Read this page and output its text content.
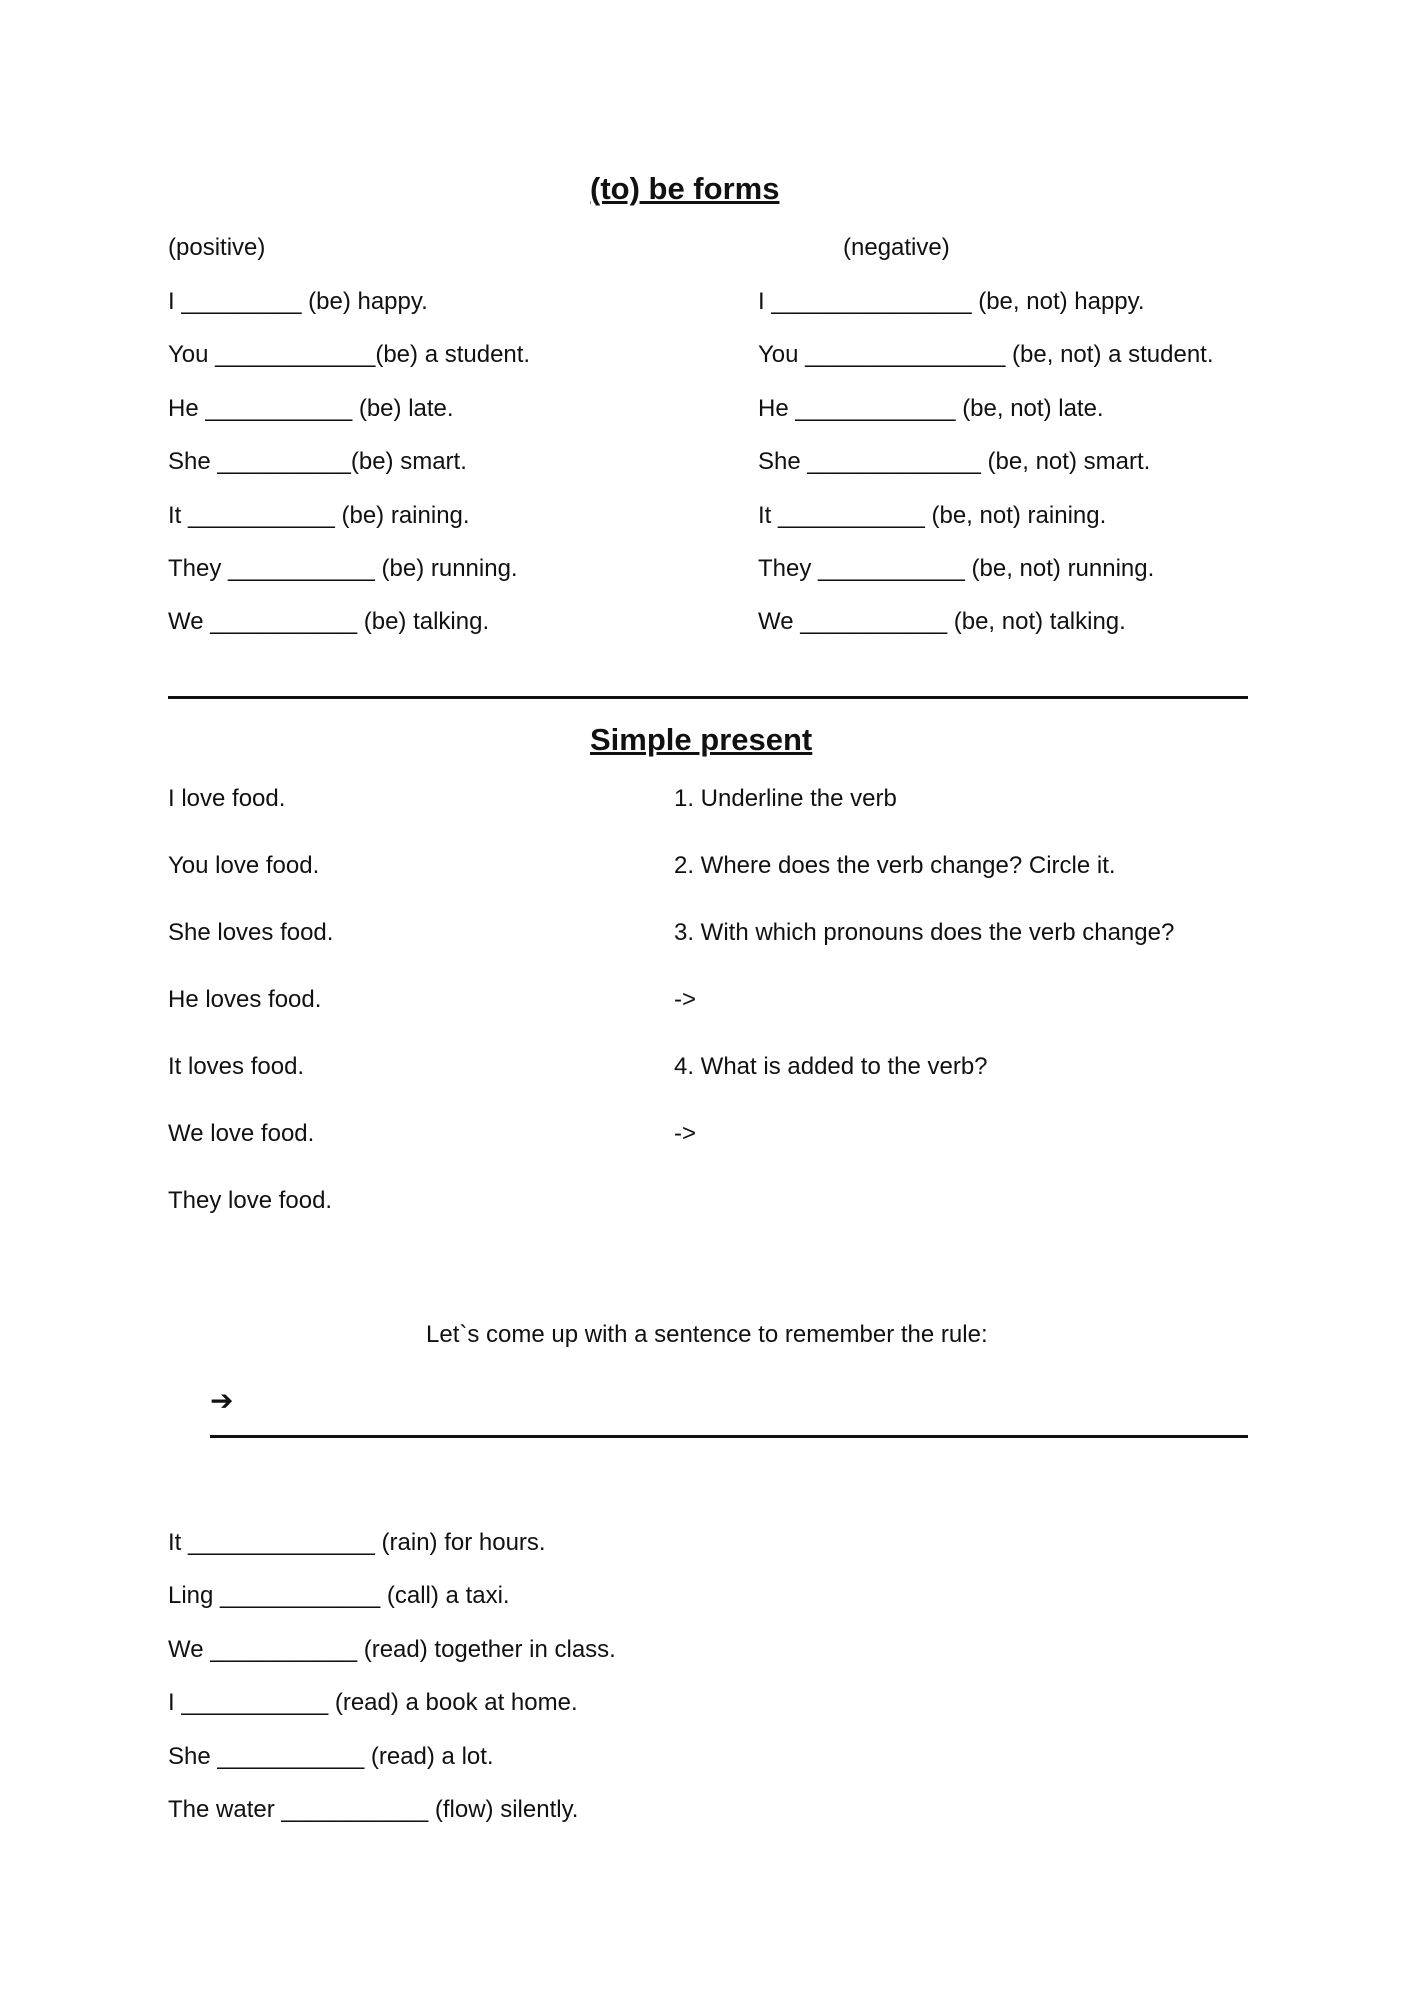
(to) be forms
(positive)	(negative)
I _________ (be) happy.
You ____________(be) a student.
He ___________ (be) late.
She __________(be) smart.
It ___________ (be) raining.
They ___________ (be) running.
We ___________ (be) talking.
I _______________ (be, not) happy.
You _______________ (be, not) a student.
He ____________ (be, not) late.
She _____________ (be, not) smart.
It ___________ (be, not) raining.
They ___________ (be, not) running.
We ___________ (be, not) talking.
Simple present
I love food.
You love food.
She loves food.
He loves food.
It loves food.
We love food.
They love food.
1. Underline the verb
2. Where does the verb change? Circle it.
3. With which pronouns does the verb change?
->
4. What is added to the verb?
->
Let`s come up with a sentence to remember the rule:
➔
It ______________ (rain) for hours.
Ling ____________ (call) a taxi.
We ___________ (read) together in class.
I ___________ (read) a book at home.
She ___________ (read) a lot.
The water ___________ (flow) silently.
